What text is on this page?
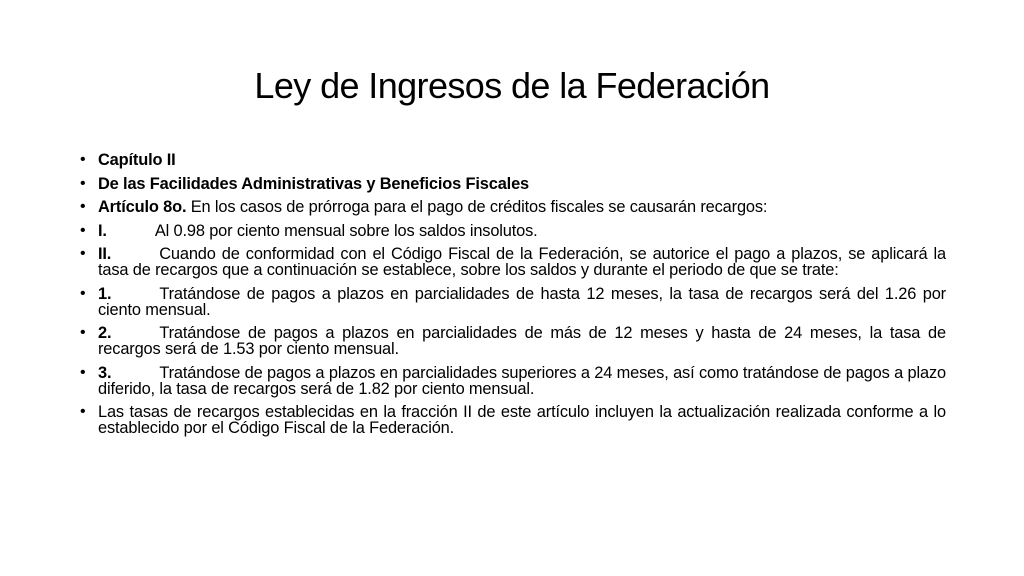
Ley de Ingresos de la Federación
• Capítulo II
• De las Facilidades Administrativas y Beneficios Fiscales
• Artículo 8o. En los casos de prórroga para el pago de créditos fiscales se causarán recargos:
• I.	Al 0.98 por ciento mensual sobre los saldos insolutos.
• II.	Cuando de conformidad con el Código Fiscal de la Federación, se autorice el pago a plazos, se aplicará la tasa de recargos que a continuación se establece, sobre los saldos y durante el periodo de que se trate:
• 1.	Tratándose de pagos a plazos en parcialidades de hasta 12 meses, la tasa de recargos será del 1.26 por ciento mensual.
• 2.	Tratándose de pagos a plazos en parcialidades de más de 12 meses y hasta de 24 meses, la tasa de recargos será de 1.53 por ciento mensual.
• 3.	Tratándose de pagos a plazos en parcialidades superiores a 24 meses, así como tratándose de pagos a plazo diferido, la tasa de recargos será de 1.82 por ciento mensual.
• Las tasas de recargos establecidas en la fracción II de este artículo incluyen la actualización realizada conforme a lo establecido por el Código Fiscal de la Federación.
